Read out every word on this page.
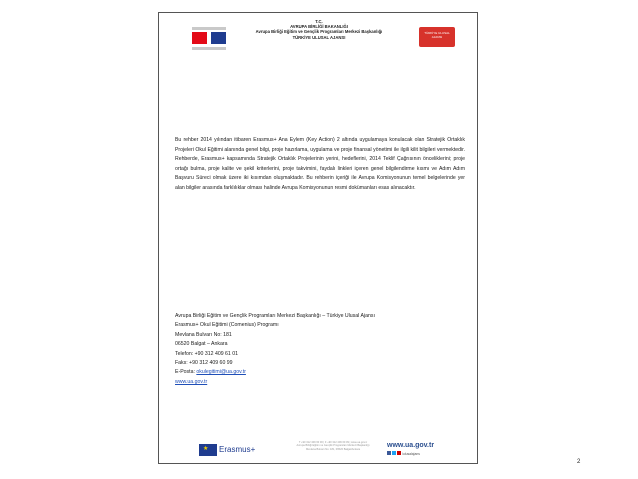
T.C.
AVRUPA BİRLİĞİ BAKANLIĞI
Avrupa Birliği Eğitim ve Gençlik Programları Merkezi Başkanlığı
TÜRKİYE ULUSAL AJANSI
TÜRKİYE ULUSAL AJANSI
Bu rehber 2014 yılından itibaren Erasmus+ Ana Eylem (Key Action) 2 altında uygulamaya konulacak olan Stratejik Ortaklık Projeleri Okul Eğitimi alanında genel bilgi, proje hazırlama, uygulama ve proje finansal yönetimi ile ilgili kilit bilgileri vermektedir. Rehberde, Erasmus+ kapsamında Stratejik Ortaklık Projelerinin yerini, hedeflerini, 2014 Teklif Çağrısının önceliklerini; proje ortağı bulma, proje kalite ve şekil kriterlerini, proje takvimini, faydalı linkleri içeren genel bilgilendirme kısmı ve Adım Adım Başvuru Süreci olmak üzere iki kısımdan oluşmaktadır. Bu rehberin içeriği ile Avrupa Komisyonunun temel belgelerinde yer alan bilgiler arasında farklılıklar olması halinde Avrupa Komisyonunun resmi dokümanları esas alınacaktır.
Avrupa Birliği Eğitim ve Gençlik Programları Merkezi Başkanlığı – Türkiye Ulusal Ajansı
Erasmus+ Okul Eğitimi (Comenius) Programı
Mevlana Bulvarı No: 181
06520 Balgat – Ankara
Telefon: +90 312 409 61 01
Faks: +90 312 409 60 99
E-Posta: okulegitimi@ua.gov.tr
www.ua.gov.tr
★ Erasmus+
T +90 312 409 60 00 | F +90 312 409 60 09 | www.ua.gov.tr
Avrupa Birliği Eğitim ve Gençlik Programları Merkezi Başkanlığı
Mevlana Bulvarı No: 181, 06520 Balgat/Ankara
www.ua.gov.tr
/ulusalajans
2
